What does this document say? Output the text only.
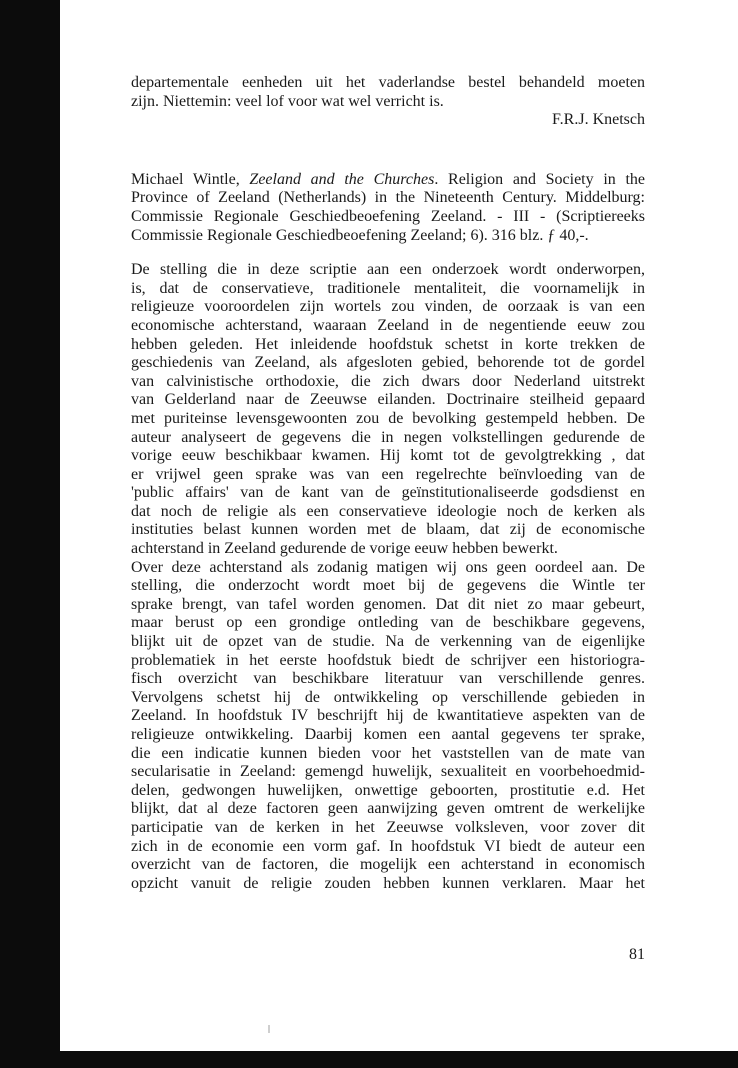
departementale eenheden uit het vaderlandse bestel behandeld moeten
zijn. Niettemin: veel lof voor wat wel verricht is.
F.R.J. Knetsch
Michael Wintle, Zeeland and the Churches. Religion and Society in the
Province of Zeeland (Netherlands) in the Nineteenth Century. Middelburg:
Commissie Regionale Geschiedbeoefening Zeeland. - III - (Scriptiereeks
Commissie Regionale Geschiedbeoefening Zeeland; 6). 316 blz. ƒ 40,-.
De stelling die in deze scriptie aan een onderzoek wordt onderworpen,
is, dat de conservatieve, traditionele mentaliteit, die voornamelijk in
religieuze vooroordelen zijn wortels zou vinden, de oorzaak is van een
economische achterstand, waaraan Zeeland in de negentiende eeuw zou
hebben geleden. Het inleidende hoofdstuk schetst in korte trekken de
geschiedenis van Zeeland, als afgesloten gebied, behorende tot de gordel
van calvinistische orthodoxie, die zich dwars door Nederland uitstrekt
van Gelderland naar de Zeeuwse eilanden. Doctrinaire steilheid gepaard
met puriteinse levensgewoonten zou de bevolking gestempeld hebben. De
auteur analyseert de gegevens die in negen volkstellingen gedurende de
vorige eeuw beschikbaar kwamen. Hij komt tot de gevolgtrekking , dat
er vrijwel geen sprake was van een regelrechte beïnvloeding van de
'public affairs' van de kant van de geïnstitutionaliseerde godsdienst en
dat noch de religie als een conservatieve ideologie noch de kerken als
instituties belast kunnen worden met de blaam, dat zij de economische
achterstand in Zeeland gedurende de vorige eeuw hebben bewerkt.
Over deze achterstand als zodanig matigen wij ons geen oordeel aan. De
stelling, die onderzocht wordt moet bij de gegevens die Wintle ter
sprake brengt, van tafel worden genomen. Dat dit niet zo maar gebeurt,
maar berust op een grondige ontleding van de beschikbare gegevens,
blijkt uit de opzet van de studie. Na de verkenning van de eigenlijke
problematiek in het eerste hoofdstuk biedt de schrijver een historiogra-
fisch overzicht van beschikbare literatuur van verschillende genres.
Vervolgens schetst hij de ontwikkeling op verschillende gebieden in
Zeeland. In hoofdstuk IV beschrijft hij de kwantitatieve aspekten van de
religieuze ontwikkeling. Daarbij komen een aantal gegevens ter sprake,
die een indicatie kunnen bieden voor het vaststellen van de mate van
secularisatie in Zeeland: gemengd huwelijk, sexualiteit en voorbehoedmid-
delen, gedwongen huwelijken, onwettige geboorten, prostitutie e.d. Het
blijkt, dat al deze factoren geen aanwijzing geven omtrent de werkelijke
participatie van de kerken in het Zeeuwse volksleven, voor zover dit
zich in de economie een vorm gaf. In hoofdstuk VI biedt de auteur een
overzicht van de factoren, die mogelijk een achterstand in economisch
opzicht vanuit de religie zouden hebben kunnen verklaren. Maar het
81
